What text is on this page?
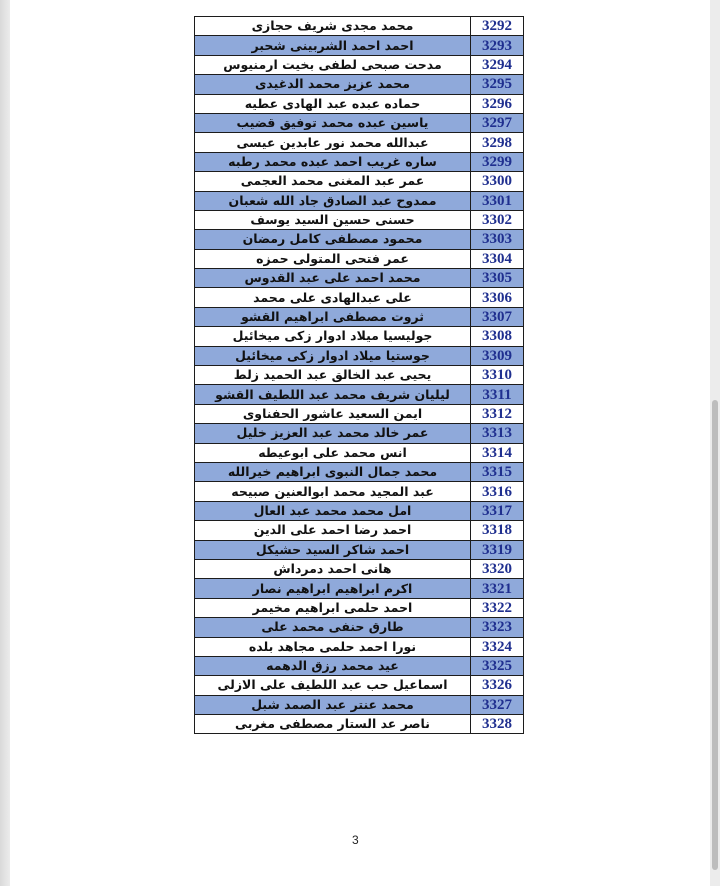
محمد مجدى شريف حجازى	3292
احمد احمد الشربينى شحبر	3293
مدحت صبحى لطفى بخيت ارمنيوس	3294
محمد عزيز محمد الدغيدى	3295
حماده عبده عبد الهادى عطيه	3296
ياسين عبده محمد توفيق قضيب	3297
عبدالله محمد نور عابدين عيسى	3298
ساره غريب احمد عبده محمد رطبه	3299
عمر عبد المغنى محمد العجمى	3300
ممدوح عبد الصادق جاد الله شعبان	3301
حسنى حسين السيد يوسف	3302
محمود مصطفى كامل رمضان	3303
عمر فتحى المتولى حمزه	3304
محمد احمد على عبد القدوس	3305
على عبدالهادى على محمد	3306
ثروت مصطفى ابراهيم القشو	3307
جوليسيا ميلاد ادوار زكى ميخائيل	3308
جوستيا ميلاد ادوار زكى ميخائيل	3309
يحيى عبد الخالق عبد الحميد زلط	3310
ليليان شريف محمد عبد اللطيف القشو	3311
ايمن السعيد عاشور الحفناوى	3312
عمر خالد محمد عبد العزيز خليل	3313
انس محمد على ابوعيطه	3314
محمد جمال النبوى ابراهيم خيرالله	3315
عبد المجيد محمد ابوالعنين صبيحه	3316
امل محمد محمد عبد العال	3317
احمد رضا احمد على الدين	3318
احمد شاكر السيد حشيكل	3319
هانى احمد دمرداش	3320
اكرم ابراهيم ابراهيم نصار	3321
احمد حلمى ابراهيم مخيمر	3322
طارق حنفى محمد على	3323
نورا احمد حلمى مجاهد بلده	3324
عيد محمد رزق الدهمه	3325
اسماعيل حب عبد اللطيف على الازلى	3326
محمد عنتر عبد الصمد شبل	3327
ناصر عد الستار مصطفى مغربى	3328
3
